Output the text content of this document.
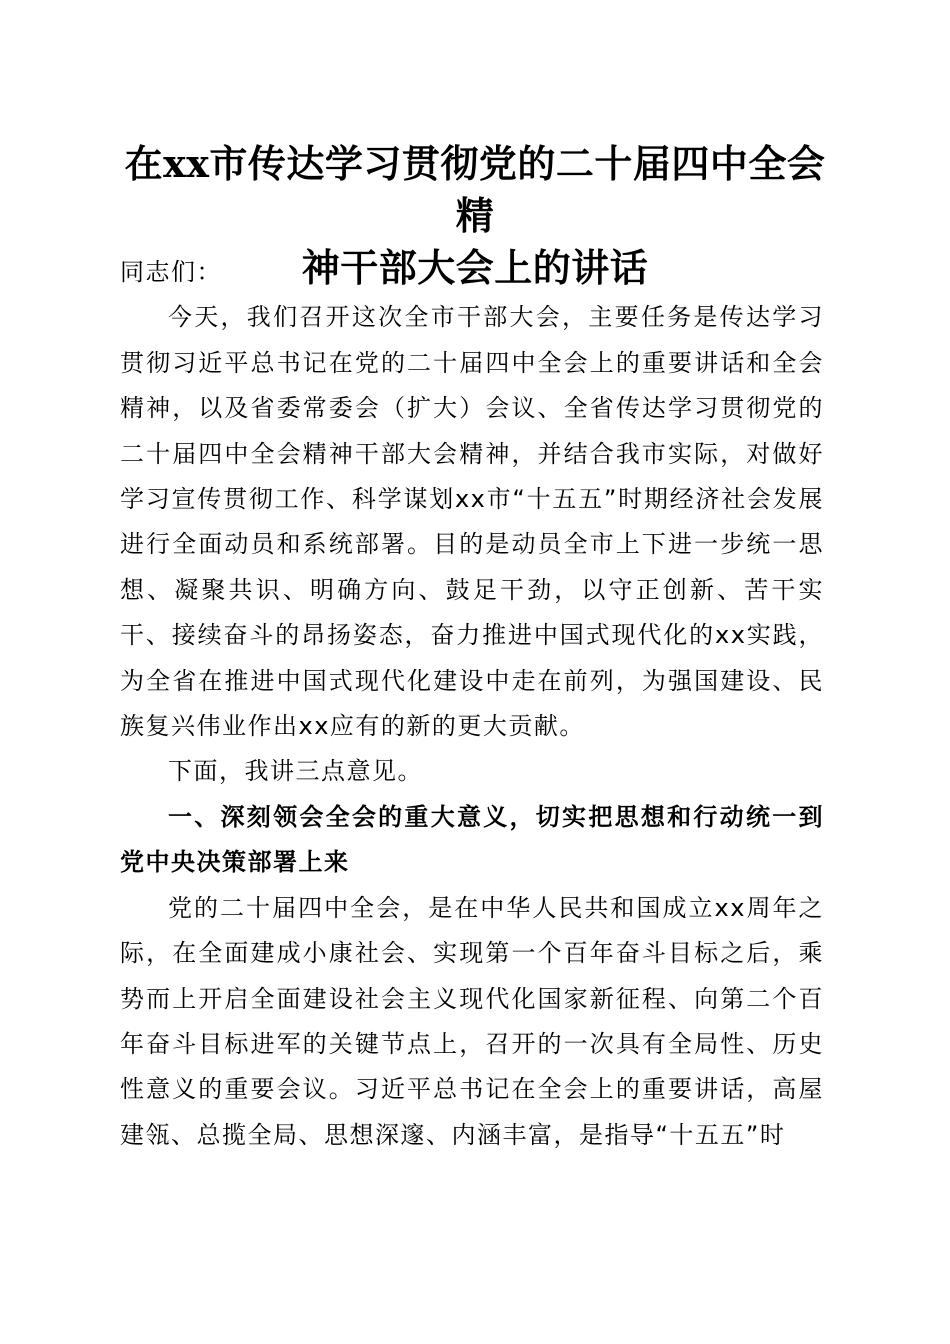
在xx市传达学习贯彻党的二十届四中全会精
神干部大会上的讲话

同志们：

今天，我们召开这次全市干部大会，主要任务是传达学习贯彻习近平总书记在党的二十届四中全会上的重要讲话和全会精神，以及省委常委会（扩大）会议、全省传达学习贯彻党的二十届四中全会精神干部大会精神，并结合我市实际，对做好学习宣传贯彻工作、科学谋划xx市“十五五”时期经济社会发展进行全面动员和系统部署。目的是动员全市上下进一步统一思想、凝聚共识、明确方向、鼓足干劲，以守正创新、苦干实干、接续奋斗的昂扬姿态，奋力推进中国式现代化的xx实践，为全省在推进中国式现代化建设中走在前列，为强国建设、民族复兴伟业作出xx应有的新的更大贡献。

下面，我讲三点意见。

一、深刻领会全会的重大意义，切实把思想和行动统一到党中央决策部署上来

党的二十届四中全会，是在中华人民共和国成立xx周年之际，在全面建成小康社会、实现第一个百年奋斗目标之后，乘势而上开启全面建设社会主义现代化国家新征程、向第二个百年奋斗目标进军的关键节点上，召开的一次具有全局性、历史性意义的重要会议。习近平总书记在全会上的重要讲话，高屋建瓴、总揽全局、思想深邃、内涵丰富，是指导“十五五”时
